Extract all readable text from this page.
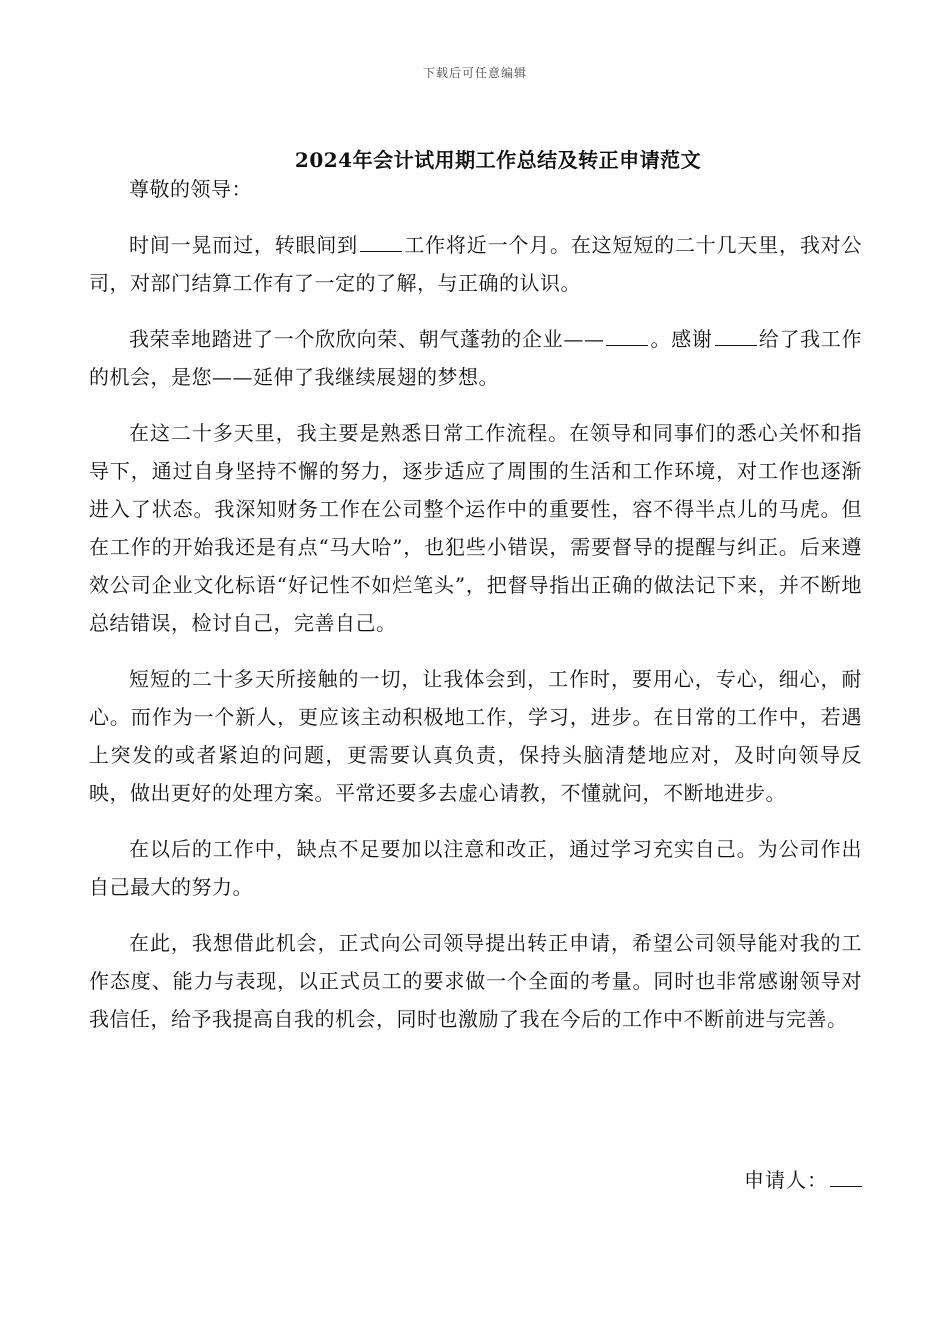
下载后可任意编辑
2024年会计试用期工作总结及转正申请范文

尊敬的领导：

时间一晃而过，转眼间到 工作将近一个月。在这短短的二十几天里，我对公司，对部门结算工作有了一定的了解，与正确的认识。

我荣幸地踏进了一个欣欣向荣、朝气蓬勃的企业—— 。感谢 给了我工作的机会，是您——延伸了我继续展翅的梦想。

在这二十多天里，我主要是熟悉日常工作流程。在领导和同事们的悉心关怀和指导下，通过自身坚持不懈的努力，逐步适应了周围的生活和工作环境，对工作也逐渐进入了状态。我深知财务工作在公司整个运作中的重要性，容不得半点儿的马虎。但在工作的开始我还是有点“马大哈”，也犯些小错误，需要督导的提醒与纠正。后来遵效公司企业文化标语“好记性不如烂笔头”，把督导指出正确的做法记下来，并不断地总结错误，检讨自己，完善自己。

短短的二十多天所接触的一切，让我体会到，工作时，要用心，专心，细心，耐心。而作为一个新人，更应该主动积极地工作，学习，进步。在日常的工作中，若遇上突发的或者紧迫的问题，更需要认真负责，保持头脑清楚地应对，及时向领导反映，做出更好的处理方案。平常还要多去虚心请教，不懂就问，不断地进步。

在以后的工作中，缺点不足要加以注意和改正，通过学习充实自己。为公司作出自己最大的努力。

在此，我想借此机会，正式向公司领导提出转正申请，希望公司领导能对我的工作态度、能力与表现，以正式员工的要求做一个全面的考量。同时也非常感谢领导对我信任，给予我提高自我的机会，同时也激励了我在今后的工作中不断前进与完善。

申请人：
